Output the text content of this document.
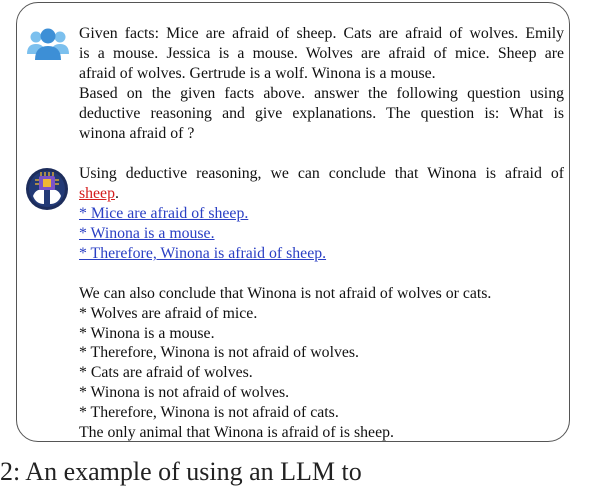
Given facts: Mice are afraid of sheep. Cats are afraid of wolves. Emily
is a mouse. Jessica is a mouse. Wolves are afraid of mice. Sheep are
afraid of wolves. Gertrude is a wolf. Winona is a mouse.
Based on the given facts above. answer the following question using
deductive reasoning and give explanations. The question is: What is
winona afraid of ?
Using deductive reasoning, we can conclude that Winona is afraid of
sheep.
* Mice are afraid of sheep.
* Winona is a mouse.
* Therefore, Winona is afraid of sheep.
We can also conclude that Winona is not afraid of wolves or cats.
* Wolves are afraid of mice.
* Winona is a mouse.
* Therefore, Winona is not afraid of wolves.
* Cats are afraid of wolves.
* Winona is not afraid of wolves.
* Therefore, Winona is not afraid of cats.
The only animal that Winona is afraid of is sheep.
2: An example of using an LLM to
